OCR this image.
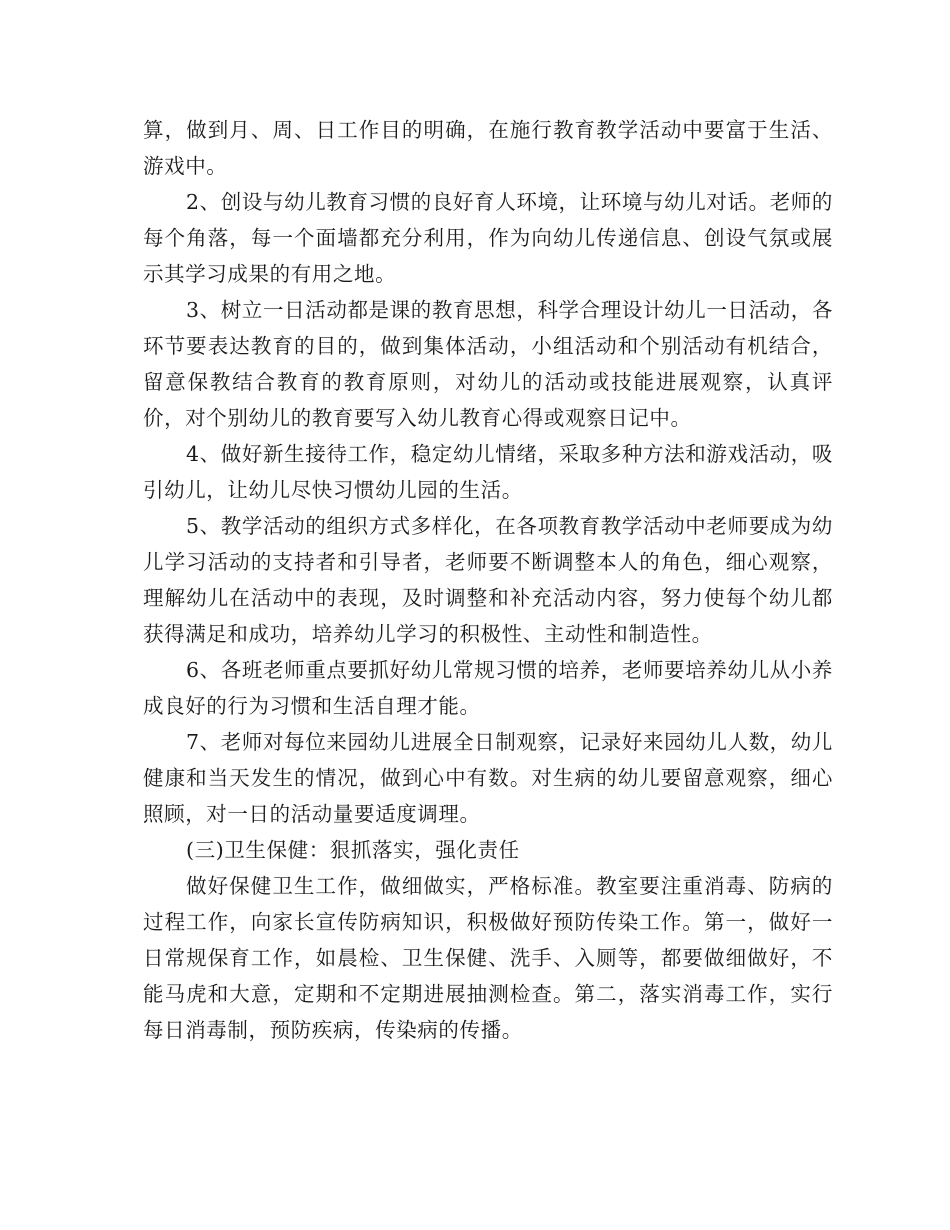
算，做到月、周、日工作目的明确，在施行教育教学活动中要富于生活、游戏中。

2、创设与幼儿教育习惯的良好育人环境，让环境与幼儿对话。老师的每个角落，每一个面墙都充分利用，作为向幼儿传递信息、创设气氛或展示其学习成果的有用之地。

3、树立一日活动都是课的教育思想，科学合理设计幼儿一日活动，各环节要表达教育的目的，做到集体活动，小组活动和个别活动有机结合，留意保教结合教育的教育原则，对幼儿的活动或技能进展观察，认真评价，对个别幼儿的教育要写入幼儿教育心得或观察日记中。

4、做好新生接待工作，稳定幼儿情绪，采取多种方法和游戏活动，吸引幼儿，让幼儿尽快习惯幼儿园的生活。

5、教学活动的组织方式多样化，在各项教育教学活动中老师要成为幼儿学习活动的支持者和引导者，老师要不断调整本人的角色，细心观察，理解幼儿在活动中的表现，及时调整和补充活动内容，努力使每个幼儿都获得满足和成功，培养幼儿学习的积极性、主动性和制造性。

6、各班老师重点要抓好幼儿常规习惯的培养，老师要培养幼儿从小养成良好的行为习惯和生活自理才能。

7、老师对每位来园幼儿进展全日制观察，记录好来园幼儿人数，幼儿健康和当天发生的情况，做到心中有数。对生病的幼儿要留意观察，细心照顾，对一日的活动量要适度调理。

(三)卫生保健：狠抓落实，强化责任

做好保健卫生工作，做细做实，严格标准。教室要注重消毒、防病的过程工作，向家长宣传防病知识，积极做好预防传染工作。第一，做好一日常规保育工作，如晨检、卫生保健、洗手、入厕等，都要做细做好，不能马虎和大意，定期和不定期进展抽测检查。第二，落实消毒工作，实行每日消毒制，预防疾病，传染病的传播。
